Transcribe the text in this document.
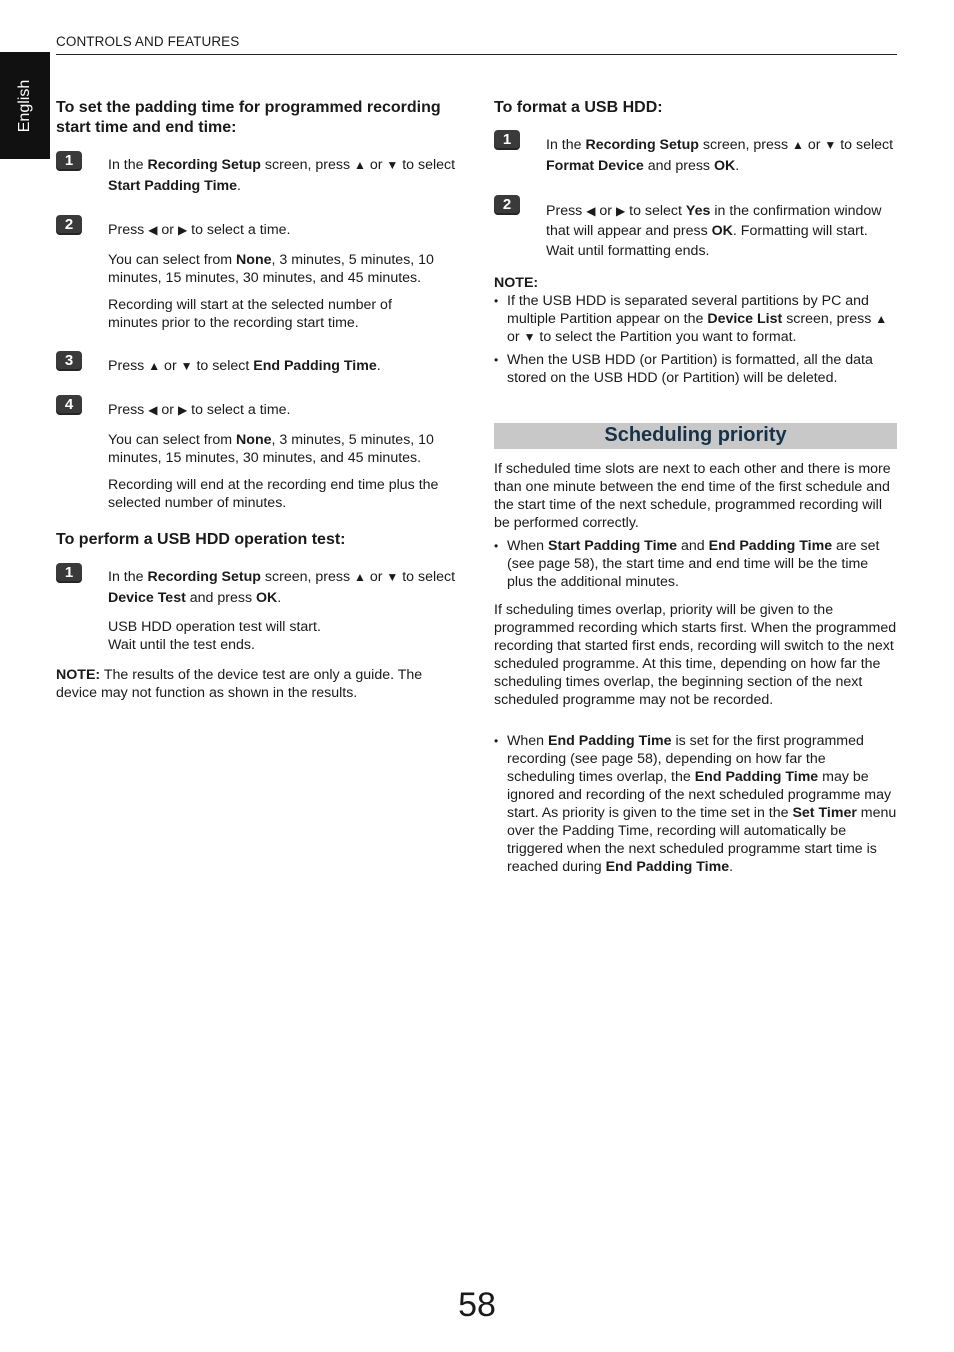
CONTROLS AND FEATURES
English To set the padding time for programmed recording start time and end time:
1	In the Recording Setup screen, press ▲ or ▼ to select
Start Padding Time.
2	Press ◀ or ▶ to select a time.
You can select from None, 3 minutes, 5 minutes, 10 minutes, 15 minutes, 30 minutes, and 45 minutes.
Recording will start at the selected number of minutes prior to the recording start time.
3	Press ▲ or ▼ to select End Padding Time.
4	Press ◀ or ▶ to select a time.
You can select from None, 3 minutes, 5 minutes, 10 minutes, 15 minutes, 30 minutes, and 45 minutes.
Recording will end at the recording end time plus the selected number of minutes.
To perform a USB HDD operation test:
1	In the Recording Setup screen, press ▲ or ▼ to select
Device Test and press OK.
USB HDD operation test will start.
Wait until the test ends.
NOTE: The results of the device test are only a guide. The device may not function as shown in the results.
To format a USB HDD:
1	In the Recording Setup screen, press ▲ or ▼ to select
Format Device and press OK.
2	Press ◀ or ▶ to select Yes in the confirmation window that will appear and press OK. Formatting will start. Wait until formatting ends.
NOTE:
• If the USB HDD is separated several partitions by PC and multiple Partition appear on the Device List screen, press ▲
or ▼ to select the Partition you want to format.
• When the USB HDD (or Partition) is formatted, all the data stored on the USB HDD (or Partition) will be deleted.
Scheduling priority
If scheduled time slots are next to each other and there is more than one minute between the end time of the first schedule and the start time of the next schedule, programmed recording will be performed correctly.
• When Start Padding Time and End Padding Time are set (see page 58), the start time and end time will be the time plus the additional minutes.
If scheduling times overlap, priority will be given to the programmed recording which starts first. When the programmed recording that started first ends, recording will switch to the next scheduled programme. At this time, depending on how far the scheduling times overlap, the beginning section of the next scheduled programme may not be recorded.
• When End Padding Time is set for the first programmed recording (see page 58), depending on how far the scheduling times overlap, the End Padding Time may be ignored and recording of the next scheduled programme may start. As priority is given to the time set in the Set Timer menu over the Padding Time, recording will automatically be triggered when the next scheduled programme start time is reached during End Padding Time.
58
